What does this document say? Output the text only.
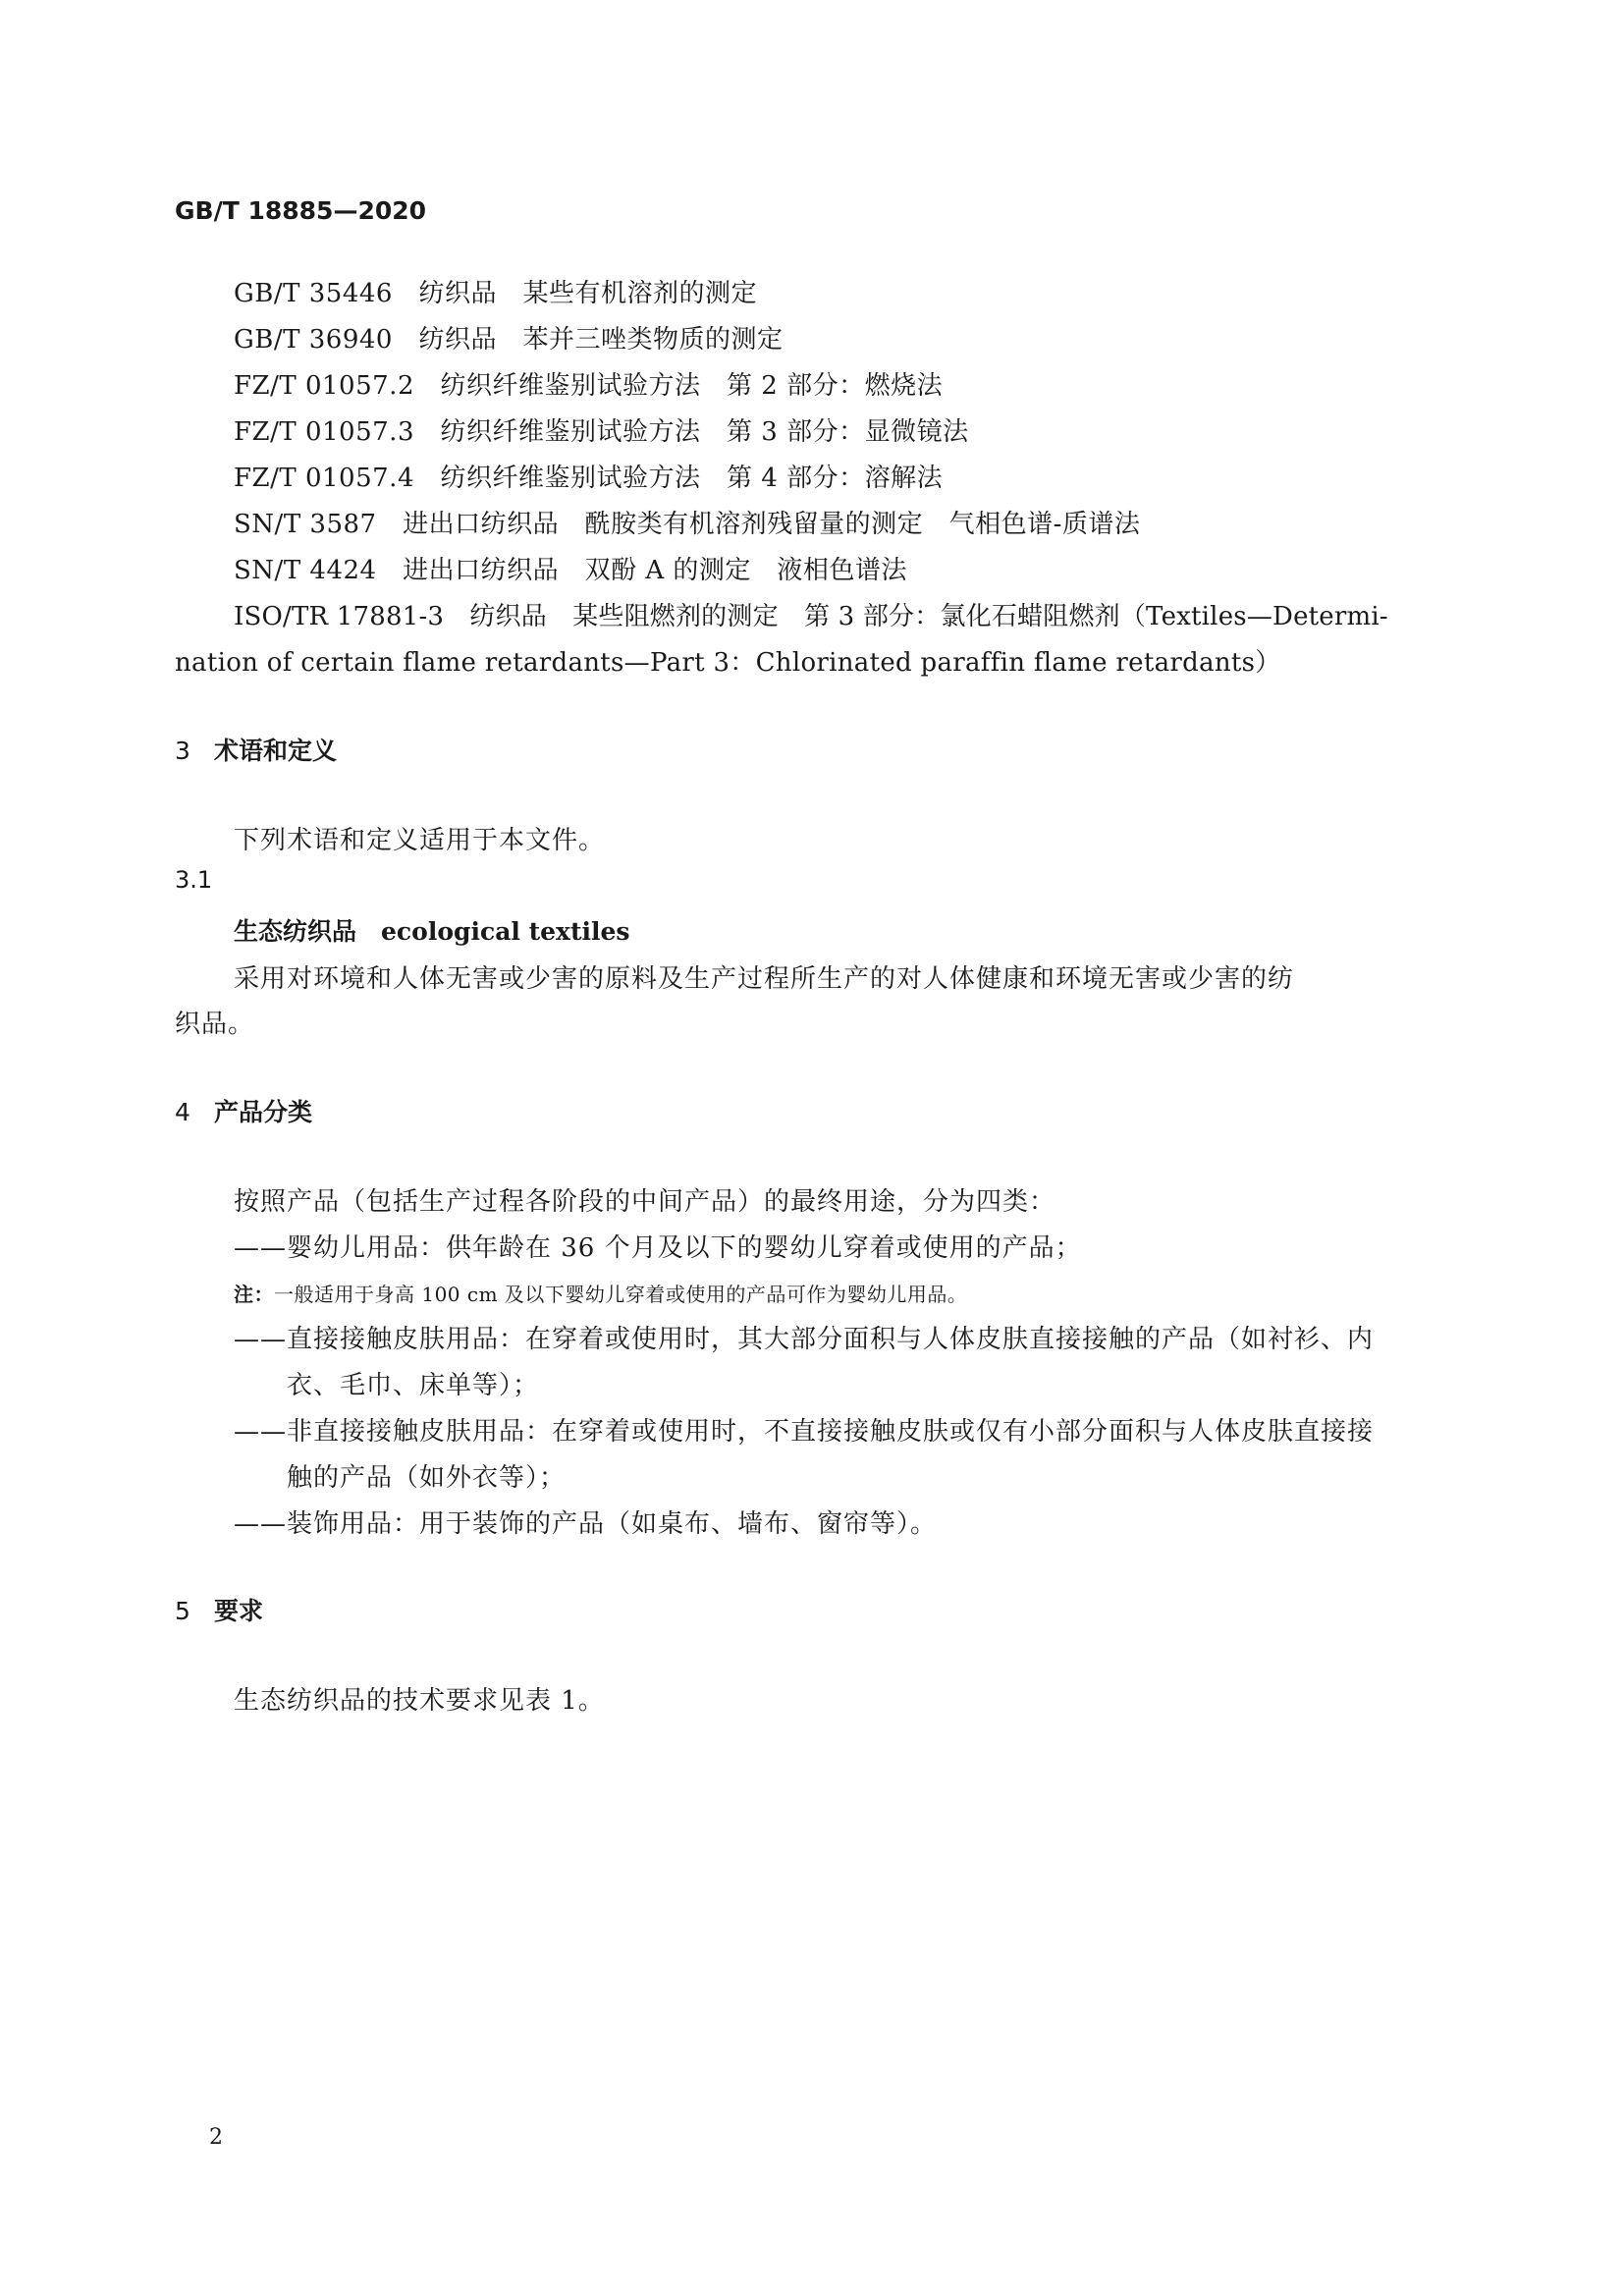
GB/T 18885—2020
GB/T 35446　 纺织品　某些有机溶剂的测定
GB/T 36940　 纺织品　苯并三唑类物质的测定
FZ/T 01057.2　 纺织纤维鉴别试验方法　第 2 部分：燃烧法
FZ/T 01057.3　 纺织纤维鉴别试验方法　第 3 部分：显微镜法
FZ/T 01057.4　 纺织纤维鉴别试验方法　第 4 部分：溶解法
SN/T 3587　 进出口纺织品　酰胺类有机溶剂残留量的测定　气相色谱-质谱法
SN/T 4424　 进出口纺织品　双酚 A 的测定　液相色谱法
ISO/TR 17881-3　纺织品　某些阻燃剂的测定　第 3 部分：氯化石蜡阻燃剂（Textiles—Determi-
nation of certain flame retardants—Part 3：Chlorinated paraffin flame retardants）
3 术语和定义
下列术语和定义适用于本文件。
3.1
生态纺织品　 ecological textiles
采用对环境和人体无害或少害的原料及生产过程所生产的对人体健康和环境无害或少害的纺
织品。
4 产品分类
按照产品（包括生产过程各阶段的中间产品）的最终用途，分为四类：
——婴幼儿用品：供年龄在 36 个月及以下的婴幼儿穿着或使用的产品；
注：一般适用于身高 100 cm 及以下婴幼儿穿着或使用的产品可作为婴幼儿用品。
——直接接触皮肤用品：在穿着或使用时，其大部分面积与人体皮肤直接接触的产品（如衬衫、内
衣、毛巾、床单等）；
——非直接接触皮肤用品：在穿着或使用时，不直接接触皮肤或仅有小部分面积与人体皮肤直接接
触的产品（如外衣等）；
——装饰用品：用于装饰的产品（如桌布、墙布、窗帘等）。
5 要求
生态纺织品的技术要求见表 1。
2
